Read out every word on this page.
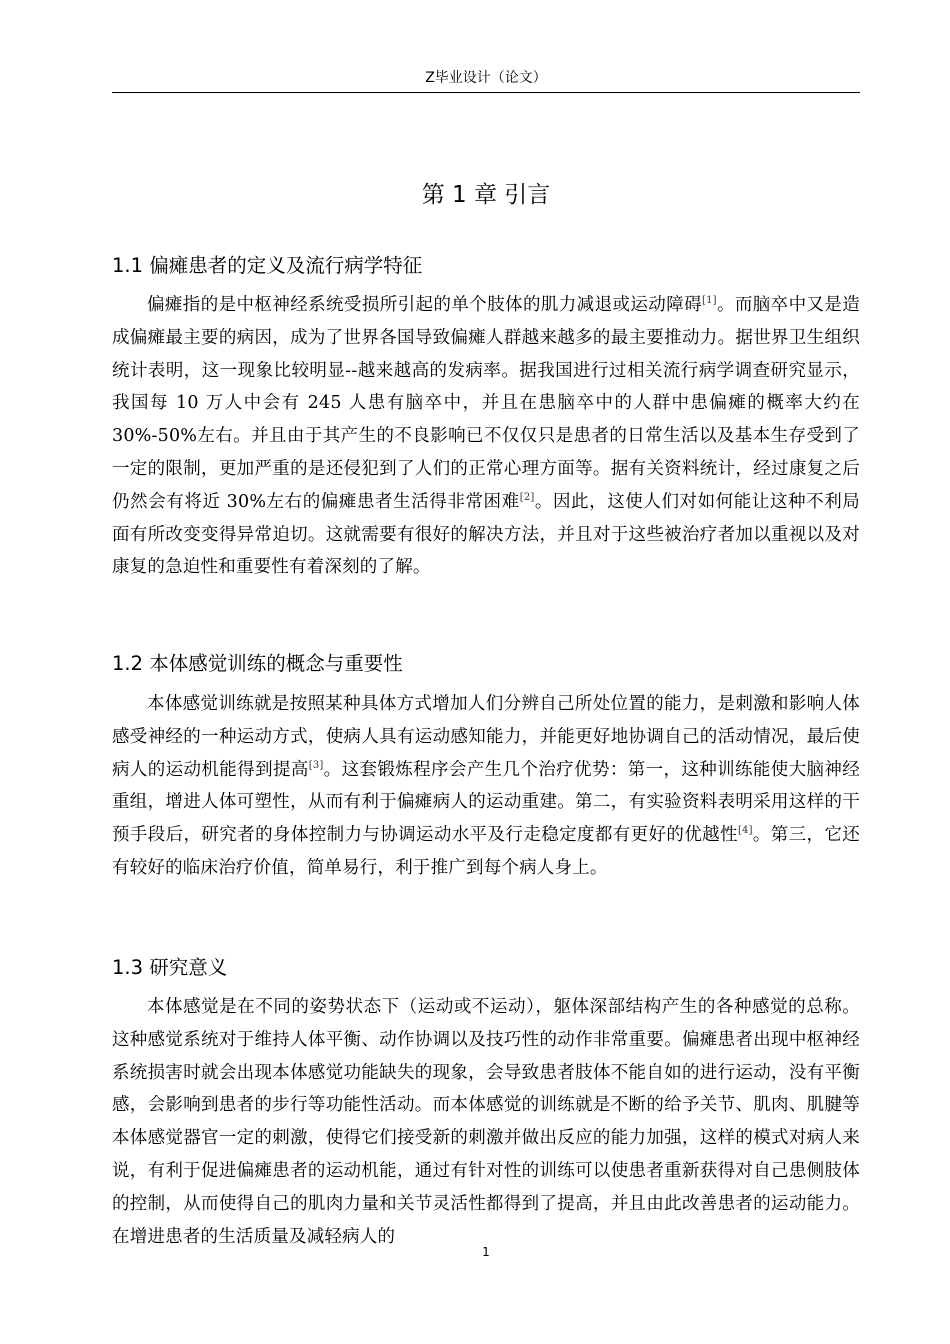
Z毕业设计（论文）
第 1 章 引言
1.1 偏瘫患者的定义及流行病学特征

偏瘫指的是中枢神经系统受损所引起的单个肢体的肌力减退或运动障碍[1]。而脑卒中又是造成偏瘫最主要的病因，成为了世界各国导致偏瘫人群越来越多的最主要推动力。据世界卫生组织统计表明，这一现象比较明显--越来越高的发病率。据我国进行过相关流行病学调查研究显示，我国每 10 万人中会有 245 人患有脑卒中，并且在患脑卒中的人群中患偏瘫的概率大约在 30%-50%左右。并且由于其产生的不良影响已不仅仅只是患者的日常生活以及基本生存受到了一定的限制，更加严重的是还侵犯到了人们的正常心理方面等。据有关资料统计，经过康复之后仍然会有将近 30%左右的偏瘫患者生活得非常困难[2]。因此，这使人们对如何能让这种不利局面有所改变变得异常迫切。这就需要有很好的解决方法，并且对于这些被治疗者加以重视以及对康复的急迫性和重要性有着深刻的了解。

1.2 本体感觉训练的概念与重要性

本体感觉训练就是按照某种具体方式增加人们分辨自己所处位置的能力，是刺激和影响人体感受神经的一种运动方式，使病人具有运动感知能力，并能更好地协调自己的活动情况，最后使病人的运动机能得到提高[3]。这套锻炼程序会产生几个治疗优势：第一，这种训练能使大脑神经重组，增进人体可塑性，从而有利于偏瘫病人的运动重建。第二，有实验资料表明采用这样的干预手段后，研究者的身体控制力与协调运动水平及行走稳定度都有更好的优越性[4]。第三，它还有较好的临床治疗价值，简单易行，利于推广到每个病人身上。

1.3 研究意义

本体感觉是在不同的姿势状态下（运动或不运动），躯体深部结构产生的各种感觉的总称。这种感觉系统对于维持人体平衡、动作协调以及技巧性的动作非常重要。偏瘫患者出现中枢神经系统损害时就会出现本体感觉功能缺失的现象，会导致患者肢体不能自如的进行运动，没有平衡感，会影响到患者的步行等功能性活动。而本体感觉的训练就是不断的给予关节、肌肉、肌腱等本体感觉器官一定的刺激，使得它们接受新的刺激并做出反应的能力加强，这样的模式对病人来说，有利于促进偏瘫患者的运动机能，通过有针对性的训练可以使患者重新获得对自己患侧肢体的控制，从而使得自己的肌肉力量和关节灵活性都得到了提高，并且由此改善患者的运动能力。在增进患者的生活质量及减轻病人的

1
